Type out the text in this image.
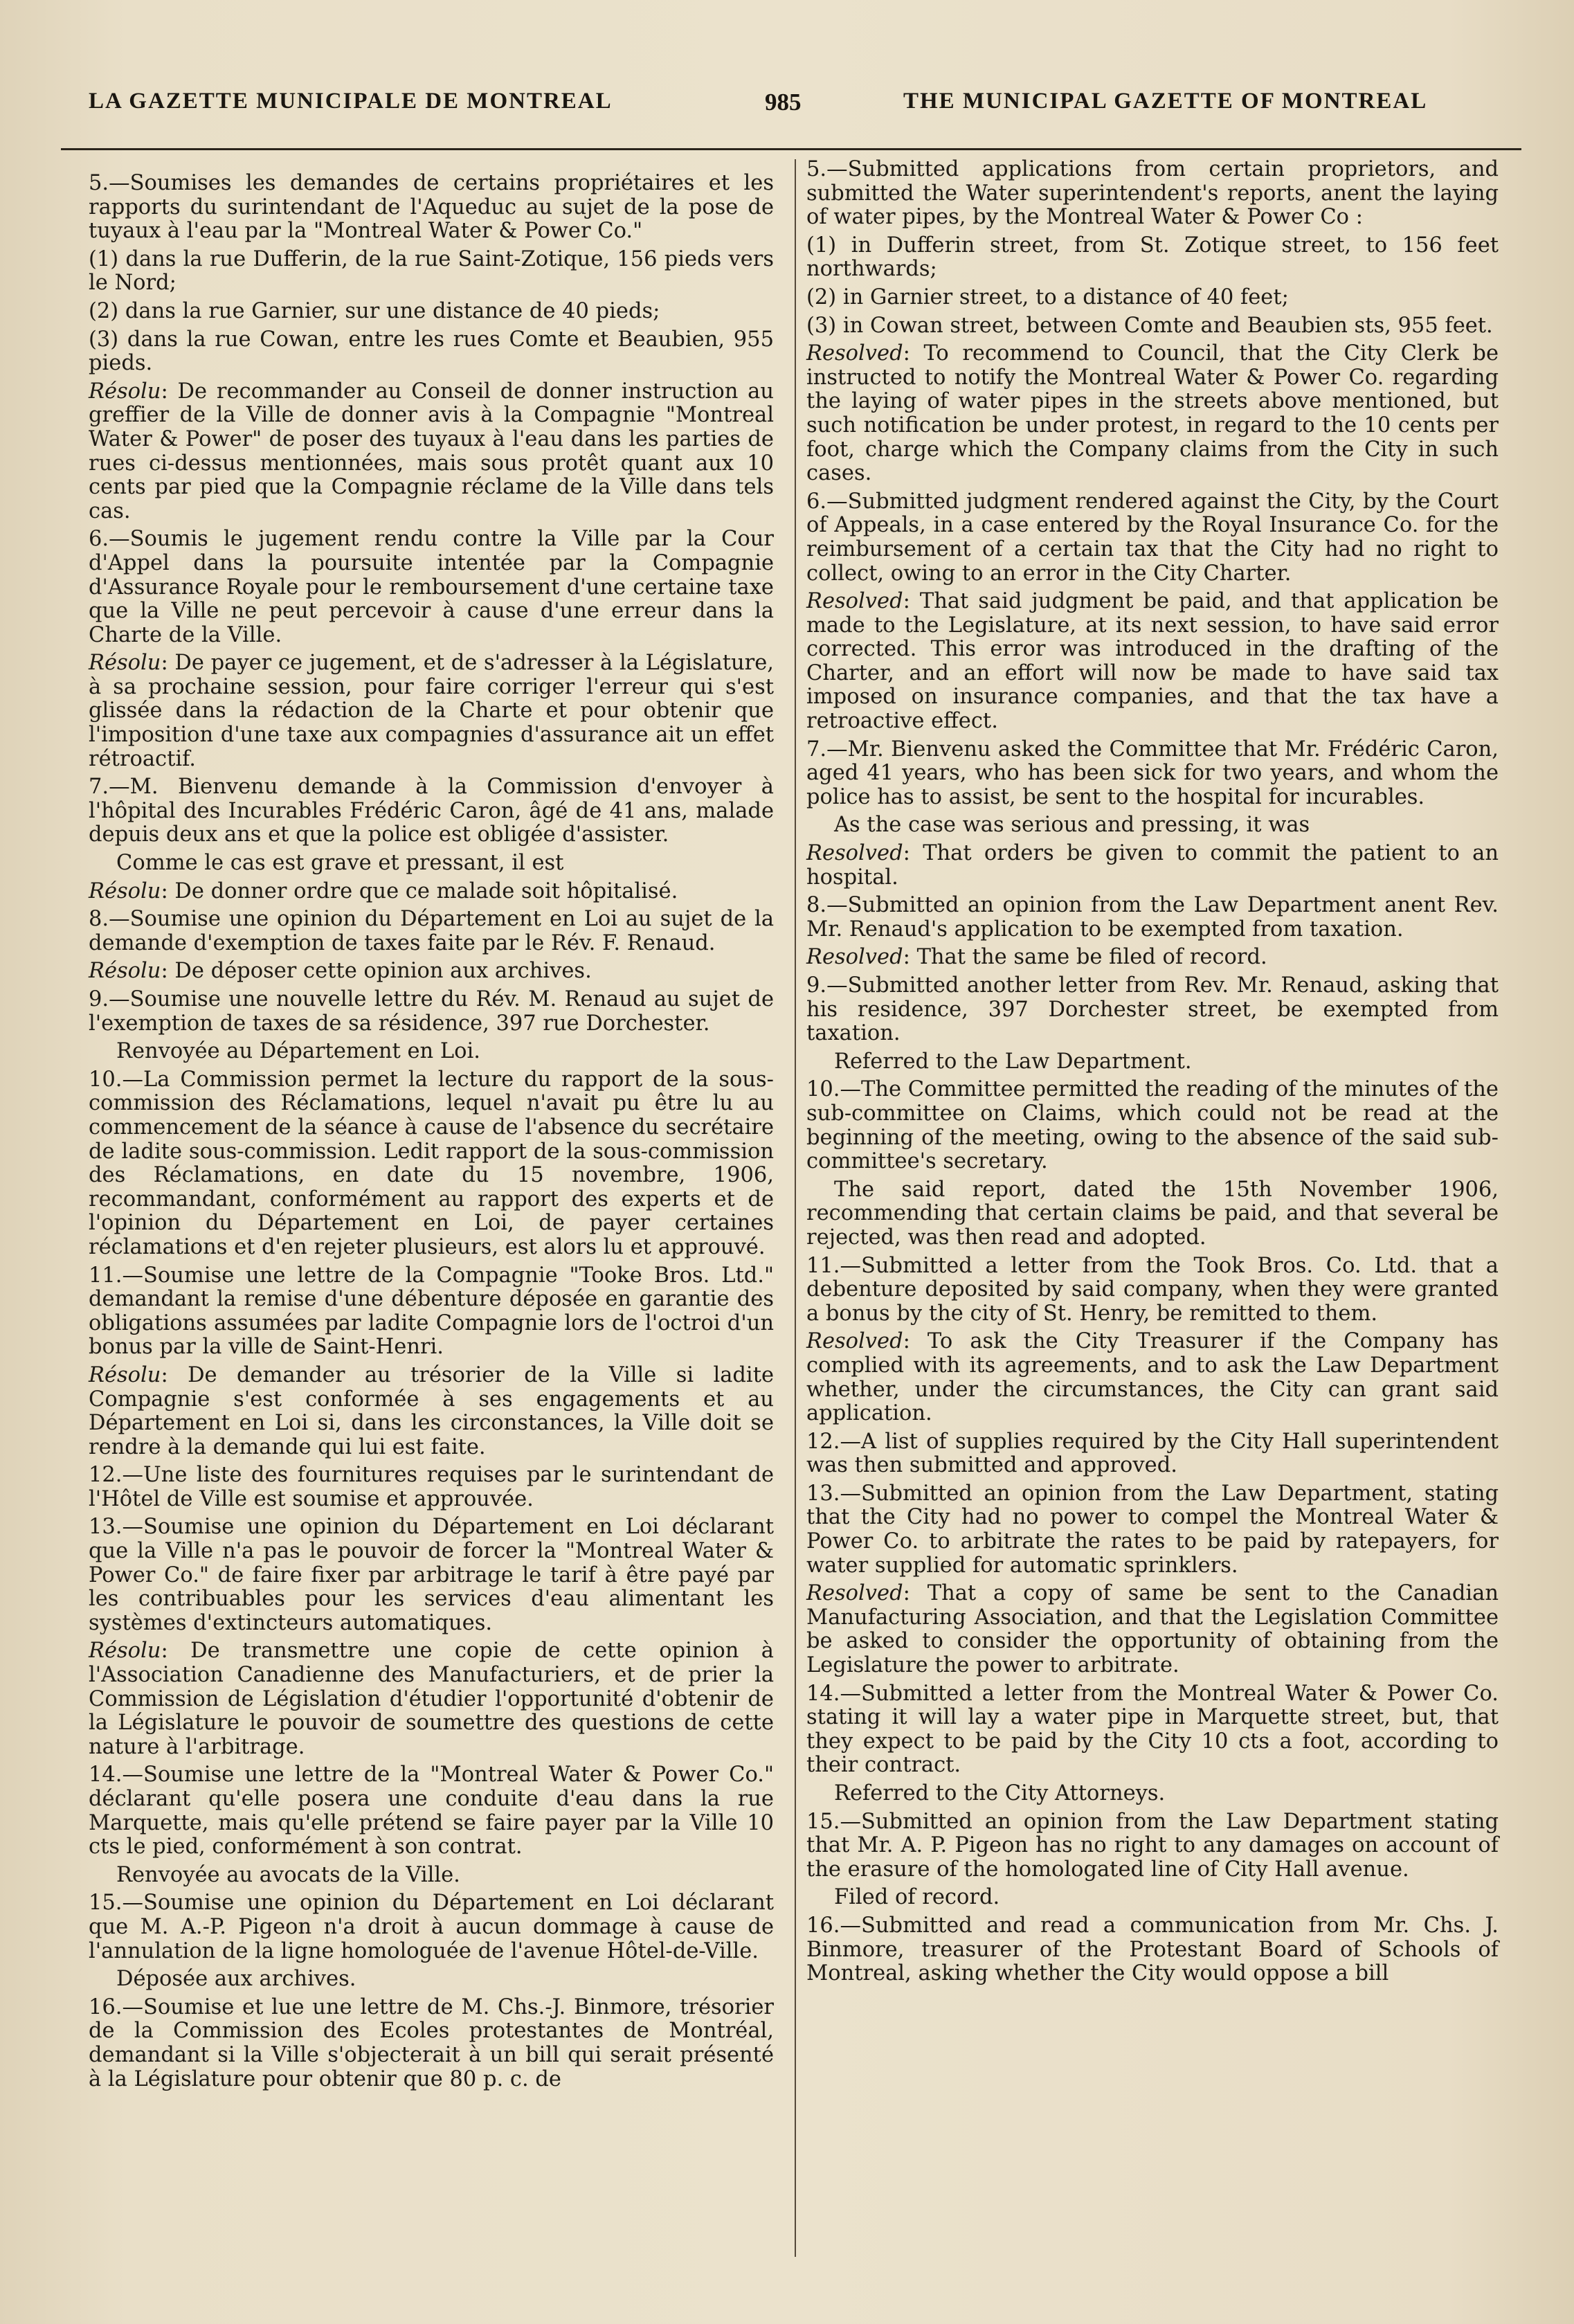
LA GAZETTE MUNICIPALE DE MONTREAL	985	THE MUNICIPAL GAZETTE OF MONTREAL

5.—Soumises les demandes de certains propriétaires et les rapports du surintendant de l'Aqueduc au sujet de la pose de tuyaux à l'eau par la "Montreal Water & Power Co."

(1) dans la rue Dufferin, de la rue Saint-Zotique, 156 pieds vers le Nord;

(2) dans la rue Garnier, sur une distance de 40 pieds;

(3) dans la rue Cowan, entre les rues Comte et Beaubien, 955 pieds.

Résolu: De recommander au Conseil de donner instruction au greffier de la Ville de donner avis à la Compagnie "Montreal Water & Power" de poser des tuyaux à l'eau dans les parties de rues ci-dessus mentionnées, mais sous protêt quant aux 10 cents par pied que la Compagnie réclame de la Ville dans tels cas.

6.—Soumis le jugement rendu contre la Ville par la Cour d'Appel dans la poursuite intentée par la Compagnie d'Assurance Royale pour le remboursement d'une certaine taxe que la Ville ne peut percevoir à cause d'une erreur dans la Charte de la Ville.

Résolu: De payer ce jugement, et de s'adresser à la Législature, à sa prochaine session, pour faire corriger l'erreur qui s'est glissée dans la rédaction de la Charte et pour obtenir que l'imposition d'une taxe aux compagnies d'assurance ait un effet rétroactif.

7.—M. Bienvenu demande à la Commission d'envoyer à l'hôpital des Incurables Frédéric Caron, âgé de 41 ans, malade depuis deux ans et que la police est obligée d'assister.

Comme le cas est grave et pressant, il est

Résolu: De donner ordre que ce malade soit hôpitalisé.

8.—Soumise une opinion du Département en Loi au sujet de la demande d'exemption de taxes faite par le Rév. F. Renaud.

Résolu: De déposer cette opinion aux archives.

9.—Soumise une nouvelle lettre du Rév. M. Renaud au sujet de l'exemption de taxes de sa résidence, 397 rue Dorchester.

Renvoyée au Département en Loi.

10.—La Commission permet la lecture du rapport de la sous-commission des Réclamations, lequel n'avait pu être lu au commencement de la séance à cause de l'absence du secrétaire de ladite sous-commission. Ledit rapport de la sous-commission des Réclamations, en date du 15 novembre, 1906, recommandant, conformément au rapport des experts et de l'opinion du Département en Loi, de payer certaines réclamations et d'en rejeter plusieurs, est alors lu et approuvé.

11.—Soumise une lettre de la Compagnie "Tooke Bros. Ltd." demandant la remise d'une débenture déposée en garantie des obligations assumées par ladite Compagnie lors de l'octroi d'un bonus par la ville de Saint-Henri.

Résolu: De demander au trésorier de la Ville si ladite Compagnie s'est conformée à ses engagements et au Département en Loi si, dans les circonstances, la Ville doit se rendre à la demande qui lui est faite.

12.—Une liste des fournitures requises par le surintendant de l'Hôtel de Ville est soumise et approuvée.

13.—Soumise une opinion du Département en Loi déclarant que la Ville n'a pas le pouvoir de forcer la "Montreal Water & Power Co." de faire fixer par arbitrage le tarif à être payé par les contribuables pour les services d'eau alimentant les systèmes d'extincteurs automatiques.

Résolu: De transmettre une copie de cette opinion à l'Association Canadienne des Manufacturiers, et de prier la Commission de Législation d'étudier l'opportunité d'obtenir de la Législature le pouvoir de soumettre des questions de cette nature à l'arbitrage.

14.—Soumise une lettre de la "Montreal Water & Power Co." déclarant qu'elle posera une conduite d'eau dans la rue Marquette, mais qu'elle prétend se faire payer par la Ville 10 cts le pied, conformément à son contrat.

Renvoyée au avocats de la Ville.

15.—Soumise une opinion du Département en Loi déclarant que M. A.-P. Pigeon n'a droit à aucun dommage à cause de l'annulation de la ligne homologuée de l'avenue Hôtel-de-Ville.

Déposée aux archives.

16.—Soumise et lue une lettre de M. Chs.-J. Binmore, trésorier de la Commission des Ecoles protestantes de Montréal, demandant si la Ville s'objecterait à un bill qui serait présenté à la Législature pour obtenir que 80 p. c. de

5.—Submitted applications from certain proprietors, and submitted the Water superintendent's reports, anent the laying of water pipes, by the Montreal Water & Power Co :

(1) in Dufferin street, from St. Zotique street, to 156 feet northwards;

(2) in Garnier street, to a distance of 40 feet;

(3) in Cowan street, between Comte and Beaubien sts, 955 feet.

Resolved: To recommend to Council, that the City Clerk be instructed to notify the Montreal Water & Power Co. regarding the laying of water pipes in the streets above mentioned, but such notification be under protest, in regard to the 10 cents per foot, charge which the Company claims from the City in such cases.

6.—Submitted judgment rendered against the City, by the Court of Appeals, in a case entered by the Royal Insurance Co. for the reimbursement of a certain tax that the City had no right to collect, owing to an error in the City Charter.

Resolved: That said judgment be paid, and that application be made to the Legislature, at its next session, to have said error corrected. This error was introduced in the drafting of the Charter, and an effort will now be made to have said tax imposed on insurance companies, and that the tax have a retroactive effect.

7.—Mr. Bienvenu asked the Committee that Mr. Frédéric Caron, aged 41 years, who has been sick for two years, and whom the police has to assist, be sent to the hospital for incurables.

As the case was serious and pressing, it was

Resolved: That orders be given to commit the patient to an hospital.

8.—Submitted an opinion from the Law Department anent Rev. Mr. Renaud's application to be exempted from taxation.

Resolved: That the same be filed of record.

9.—Submitted another letter from Rev. Mr. Renaud, asking that his residence, 397 Dorchester street, be exempted from taxation.

Referred to the Law Department.

10.—The Committee permitted the reading of the minutes of the sub-committee on Claims, which could not be read at the beginning of the meeting, owing to the absence of the said sub-committee's secretary.

The said report, dated the 15th November 1906, recommending that certain claims be paid, and that several be rejected, was then read and adopted.

11.—Submitted a letter from the Took Bros. Co. Ltd. that a debenture deposited by said company, when they were granted a bonus by the city of St. Henry, be remitted to them.

Resolved: To ask the City Treasurer if the Company has complied with its agreements, and to ask the Law Department whether, under the circumstances, the City can grant said application.

12.—A list of supplies required by the City Hall superintendent was then submitted and approved.

13.—Submitted an opinion from the Law Department, stating that the City had no power to compel the Montreal Water & Power Co. to arbitrate the rates to be paid by ratepayers, for water supplied for automatic sprinklers.

Resolved: That a copy of same be sent to the Canadian Manufacturing Association, and that the Legislation Committee be asked to consider the opportunity of obtaining from the Legislature the power to arbitrate.

14.—Submitted a letter from the Montreal Water & Power Co. stating it will lay a water pipe in Marquette street, but, that they expect to be paid by the City 10 cts a foot, according to their contract.

Referred to the City Attorneys.

15.—Submitted an opinion from the Law Department stating that Mr. A. P. Pigeon has no right to any damages on account of the erasure of the homologated line of City Hall avenue.

Filed of record.

16.—Submitted and read a communication from Mr. Chs. J. Binmore, treasurer of the Protestant Board of Schools of Montreal, asking whether the City would oppose a bill
